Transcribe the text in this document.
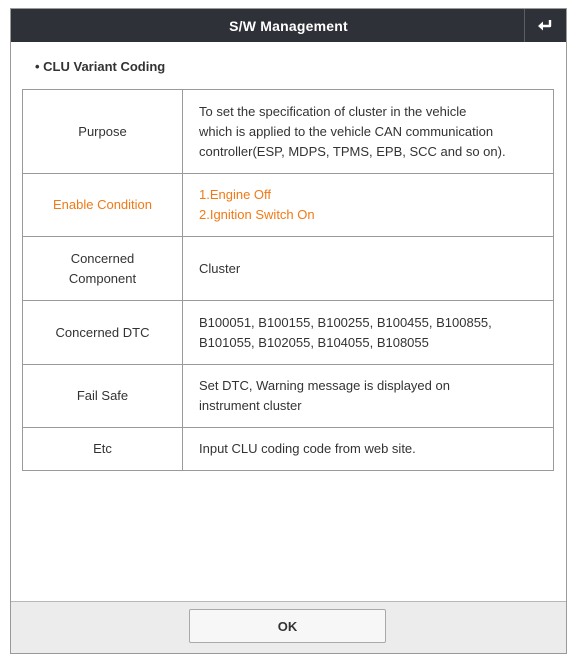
S/W Management
• CLU Variant Coding
Purpose	To set the specification of cluster in the vehicle
which is applied to the vehicle CAN communication
controller(ESP, MDPS, TPMS, EPB, SCC and so on).

Enable Condition	1.Engine Off
2.Ignition Switch On

Concerned
Component	Cluster

Concerned DTC	B100051, B100155, B100255, B100455, B100855,
B101055, B102055, B104055, B108055

Fail Safe	Set DTC, Warning message is displayed on
instrument cluster

Etc	Input CLU coding code from web site.
OK
